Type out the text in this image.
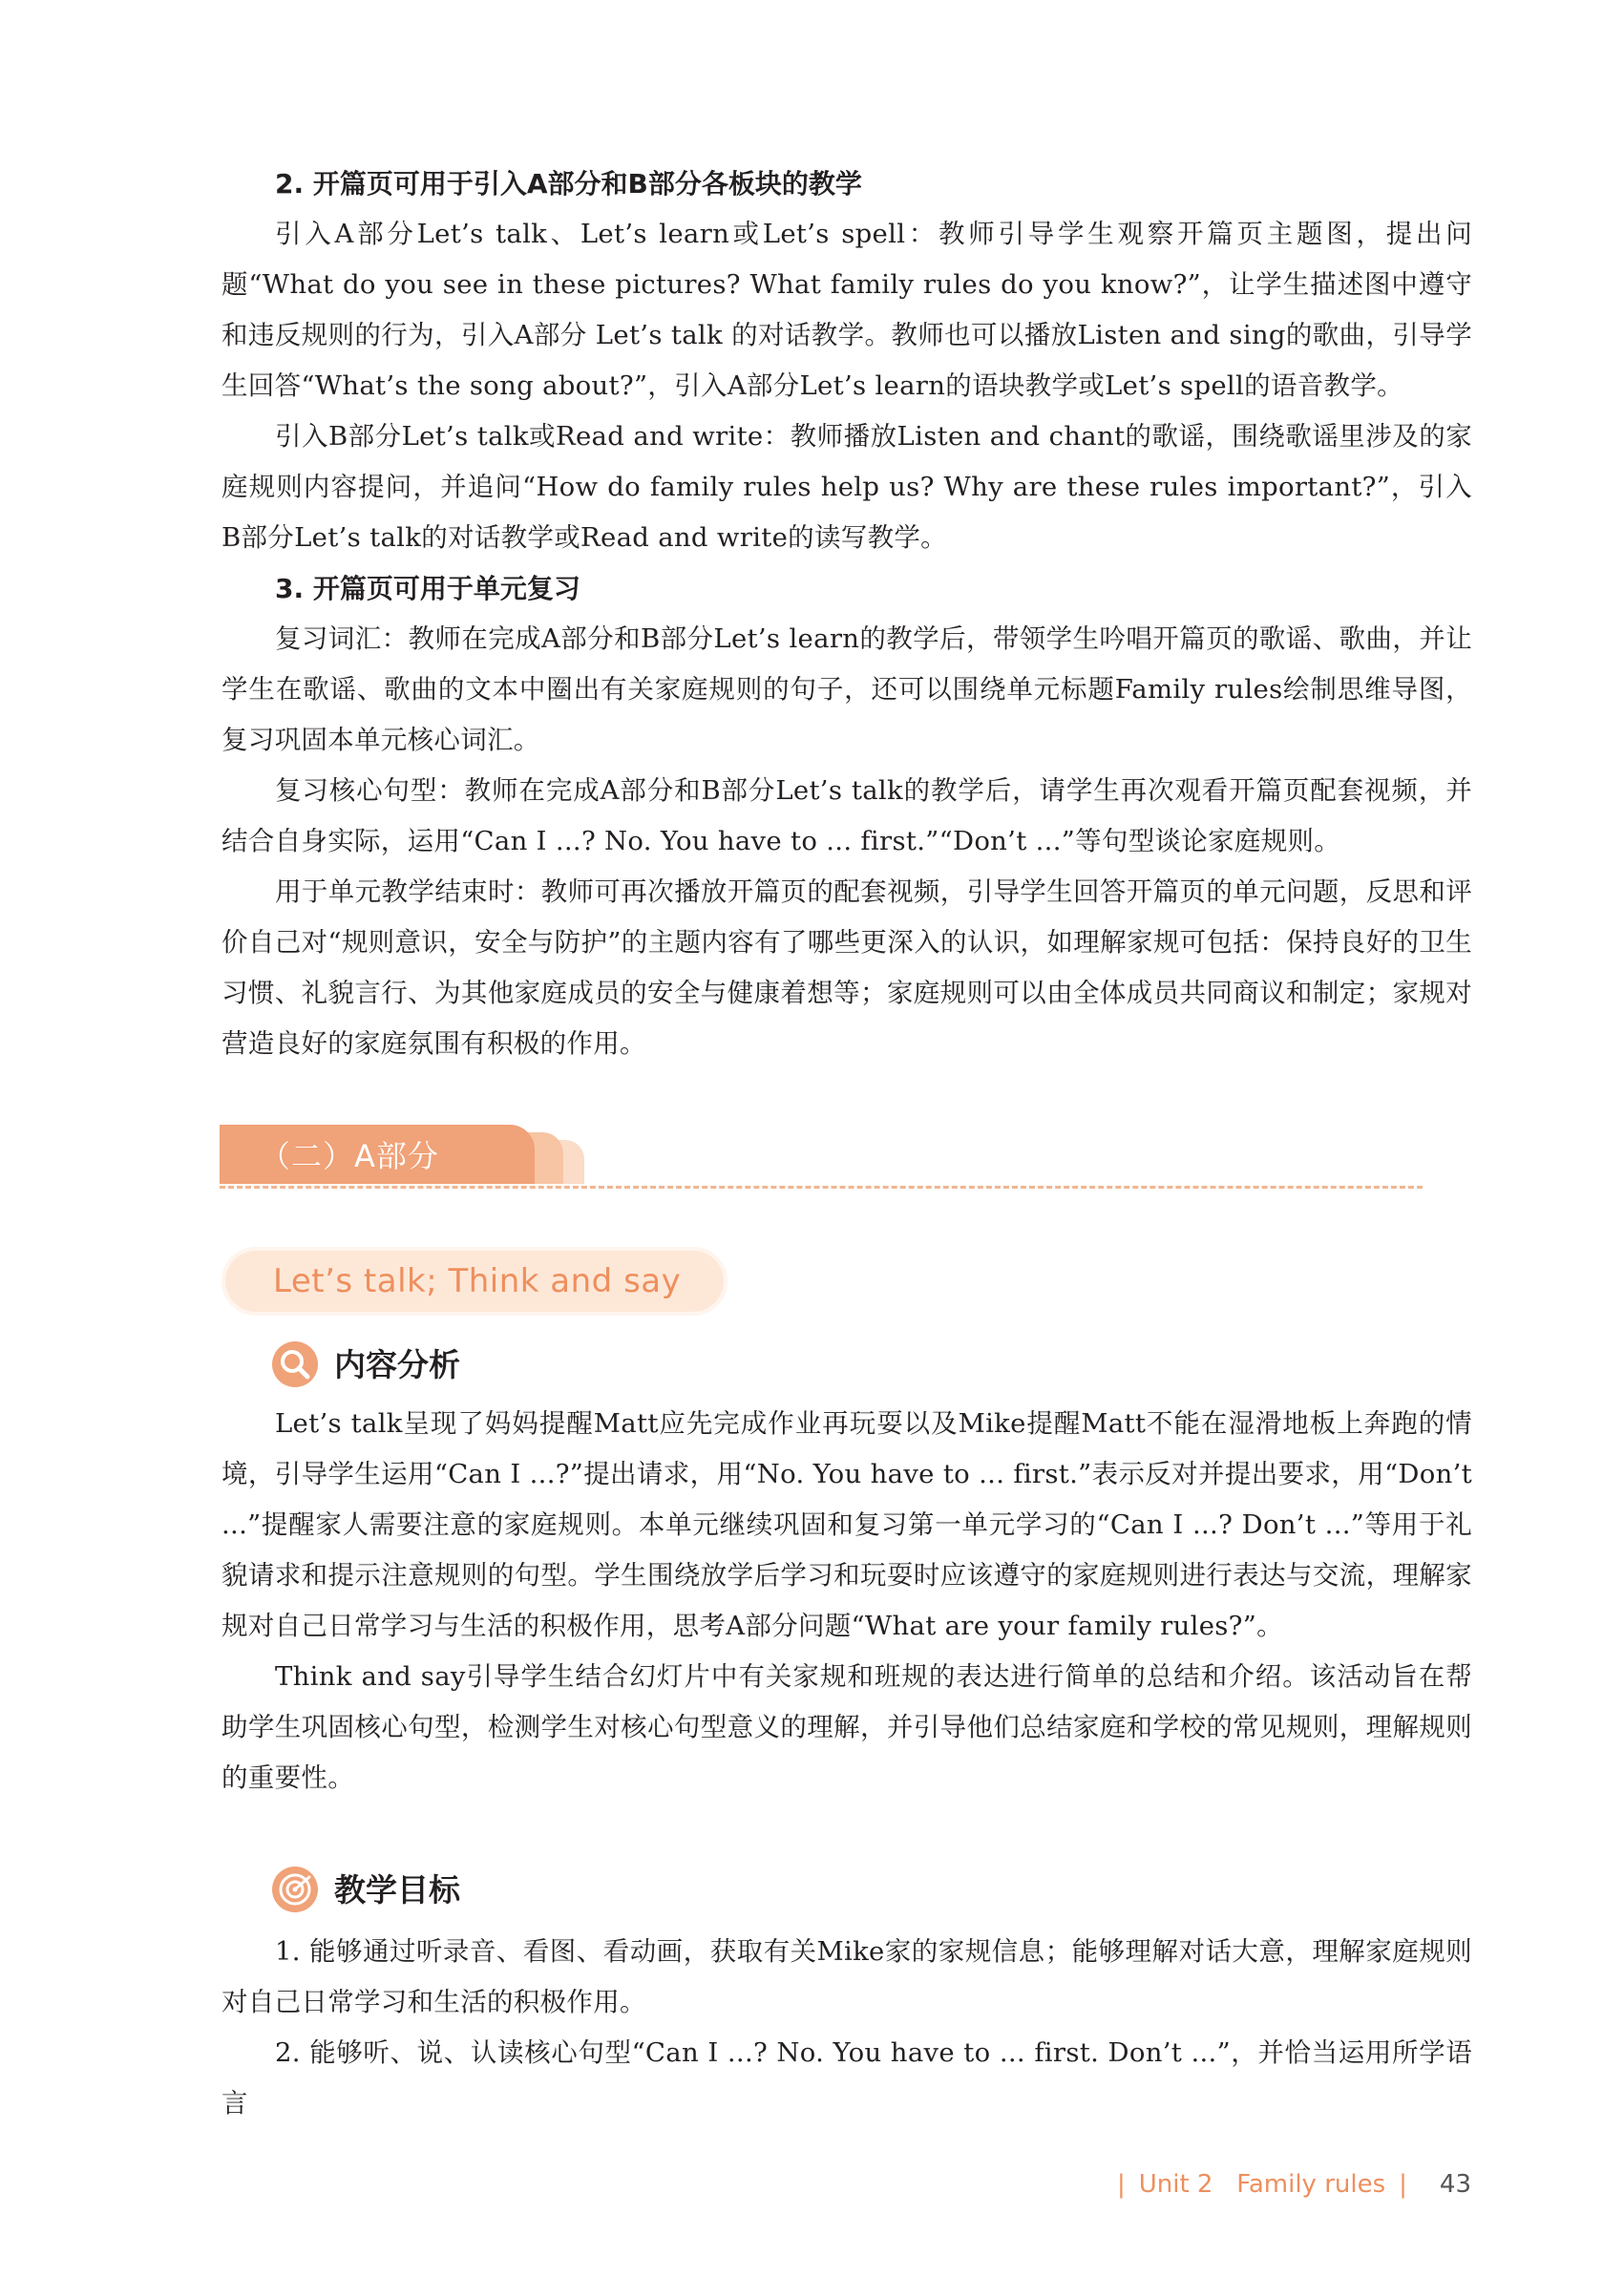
2. 开篇页可用于引入A部分和B部分各板块的教学

引入A部分Let’s talk、Let’s learn或Let’s spell：教师引导学生观察开篇页主题图，提出问题“What do you see in these pictures? What family rules do you know?”，让学生描述图中遵守和违反规则的行为，引入A部分 Let’s talk 的对话教学。教师也可以播放Listen and sing的歌曲，引导学生回答“What’s the song about?”，引入A部分Let’s learn的语块教学或Let’s spell的语音教学。

引入B部分Let’s talk或Read and write：教师播放Listen and chant的歌谣，围绕歌谣里涉及的家庭规则内容提问，并追问“How do family rules help us? Why are these rules important?”，引入B部分Let’s talk的对话教学或Read and write的读写教学。

3. 开篇页可用于单元复习

复习词汇：教师在完成A部分和B部分Let’s learn的教学后，带领学生吟唱开篇页的歌谣、歌曲，并让学生在歌谣、歌曲的文本中圈出有关家庭规则的句子，还可以围绕单元标题Family rules绘制思维导图，复习巩固本单元核心词汇。

复习核心句型：教师在完成A部分和B部分Let’s talk的教学后，请学生再次观看开篇页配套视频，并结合自身实际，运用“Can I ...? No. You have to ... first.”“Don’t ...”等句型谈论家庭规则。

用于单元教学结束时：教师可再次播放开篇页的配套视频，引导学生回答开篇页的单元问题，反思和评价自己对“规则意识，安全与防护”的主题内容有了哪些更深入的认识，如理解家规可包括：保持良好的卫生习惯、礼貌言行、为其他家庭成员的安全与健康着想等；家庭规则可以由全体成员共同商议和制定；家规对营造良好的家庭氛围有积极的作用。

（二）A部分
Let’s talk; Think and say
内容分析

Let’s talk呈现了妈妈提醒Matt应先完成作业再玩耍以及Mike提醒Matt不能在湿滑地板上奔跑的情境，引导学生运用“Can I ...?”提出请求，用“No. You have to ... first.”表示反对并提出要求，用“Don’t ...”提醒家人需要注意的家庭规则。本单元继续巩固和复习第一单元学习的“Can I ...? Don’t ...”等用于礼貌请求和提示注意规则的句型。学生围绕放学后学习和玩耍时应该遵守的家庭规则进行表达与交流，理解家规对自己日常学习与生活的积极作用，思考A部分问题“What are your family rules?”。

Think and say引导学生结合幻灯片中有关家规和班规的表达进行简单的总结和介绍。该活动旨在帮助学生巩固核心句型，检测学生对核心句型意义的理解，并引导他们总结家庭和学校的常见规则，理解规则的重要性。

教学目标

1. 能够通过听录音、看图、看动画，获取有关Mike家的家规信息；能够理解对话大意，理解家庭规则对自己日常学习和生活的积极作用。

2. 能够听、说、认读核心句型“Can I ...? No. You have to ... first. Don’t ...”，并恰当运用所学语言

| Unit 2 Family rules | 43
